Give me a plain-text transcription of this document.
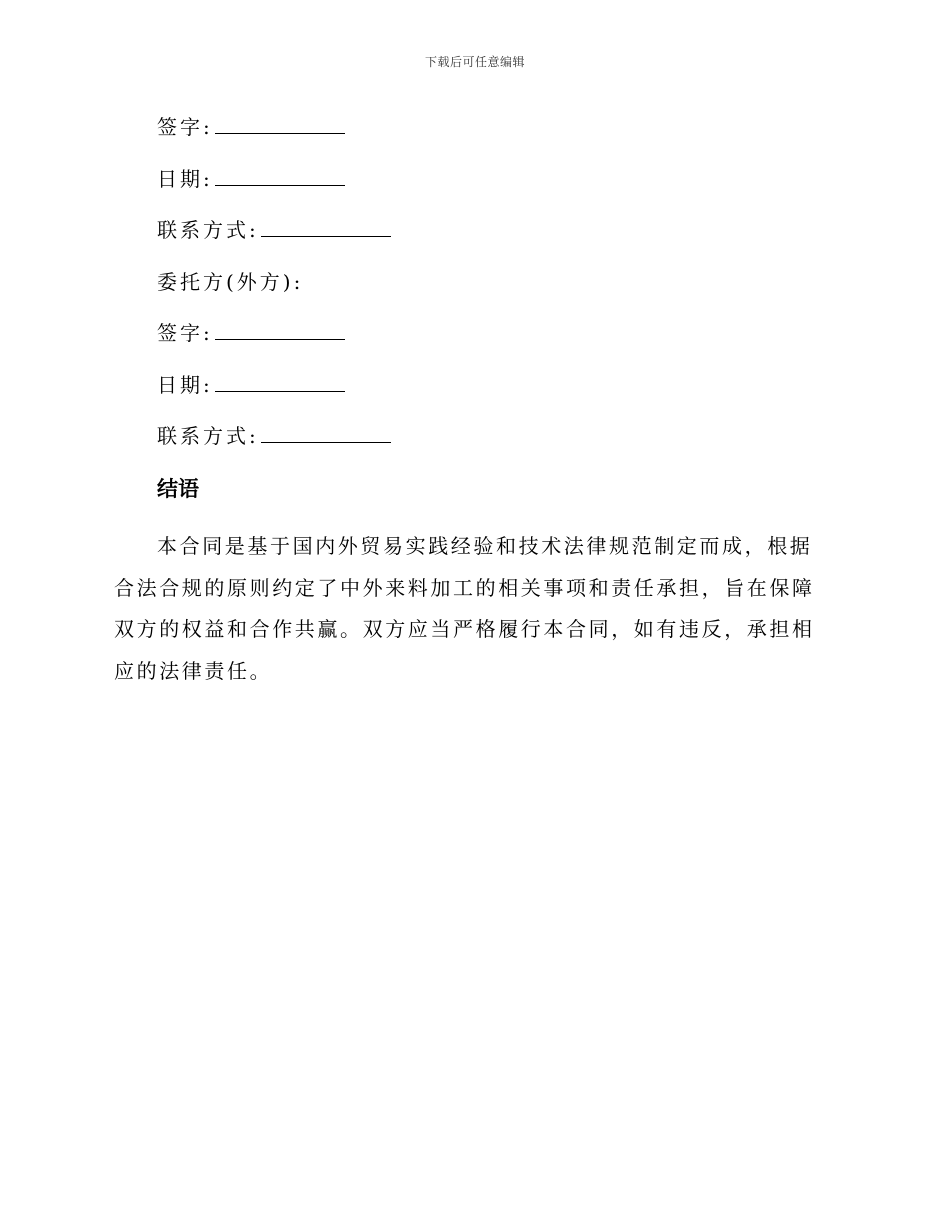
下载后可任意编辑
签字:
日期:
联系方式:
委托方(外方):
签字:
日期:
联系方式:
结语

本合同是基于国内外贸易实践经验和技术法律规范制定而成，根据合法合规的原则约定了中外来料加工的相关事项和责任承担，旨在保障双方的权益和合作共赢。双方应当严格履行本合同，如有违反，承担相应的法律责任。
